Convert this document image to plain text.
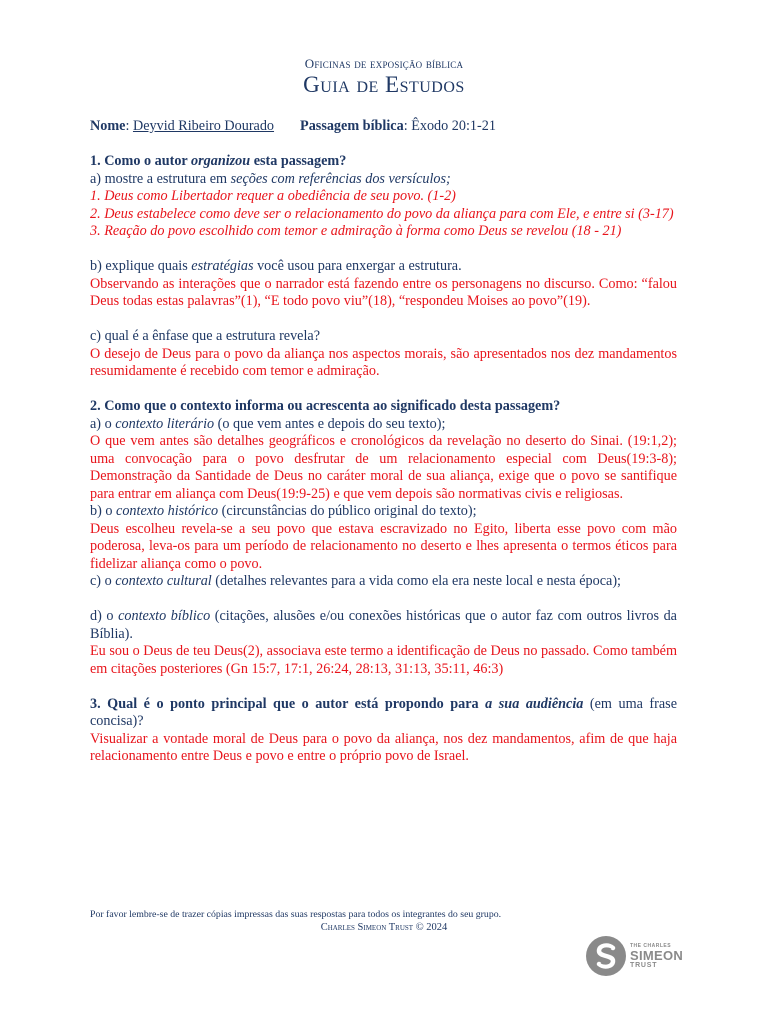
Oficinas de exposição bíblica
Guia de Estudos

Nome: Deyvid Ribeiro Dourado Passagem bíblica: Êxodo 20:1-21

1. Como o autor organizou esta passagem?

a) mostre a estrutura em seções com referências dos versículos;

1. Deus como Libertador requer a obediência de seu povo. (1-2)

2. Deus estabelece como deve ser o relacionamento do povo da aliança para com Ele, e entre si (3-17)

3. Reação do povo escolhido com temor e admiração à forma como Deus se revelou (18 - 21)

b) explique quais estratégias você usou para enxergar a estrutura.

Observando as interações que o narrador está fazendo entre os personagens no discurso. Como: “falou Deus todas estas palavras”(1), “E todo povo viu”(18), “respondeu Moises ao povo”(19).

c) qual é a ênfase que a estrutura revela?

O desejo de Deus para o povo da aliança nos aspectos morais, são apresentados nos dez mandamentos resumidamente é recebido com temor e admiração.

2. Como que o contexto informa ou acrescenta ao significado desta passagem?

a) o contexto literário (o que vem antes e depois do seu texto);

O que vem antes são detalhes geográficos e cronológicos da revelação no deserto do Sinai. (19:1,2); uma convocação para o povo desfrutar de um relacionamento especial com Deus(19:3-8); Demonstração da Santidade de Deus no caráter moral de sua aliança, exige que o povo se santifique para entrar em aliança com Deus(19:9-25) e que vem depois são normativas civis e religiosas.

b) o contexto histórico (circunstâncias do público original do texto);

Deus escolheu revela-se a seu povo que estava escravizado no Egito, liberta esse povo com mão poderosa, leva-os para um período de relacionamento no deserto e lhes apresenta o termos éticos para fidelizar aliança como o povo.

c) o contexto cultural (detalhes relevantes para a vida como ela era neste local e nesta época);

d) o contexto bíblico (citações, alusões e/ou conexões históricas que o autor faz com outros livros da Bíblia).

Eu sou o Deus de teu Deus(2), associava este termo a identificação de Deus no passado. Como também em citações posteriores (Gn 15:7, 17:1, 26:24, 28:13, 31:13, 35:11, 46:3)

3. Qual é o ponto principal que o autor está propondo para a sua audiência (em uma frase concisa)?

Visualizar a vontade moral de Deus para o povo da aliança, nos dez mandamentos, afim de que haja relacionamento entre Deus e povo e entre o próprio povo de Israel.

Por favor lembre-se de trazer cópias impressas das suas respostas para todos os integrantes do seu grupo.
Charles Simeon Trust © 2024
THE CHARLES
SIMEON
TRUST
